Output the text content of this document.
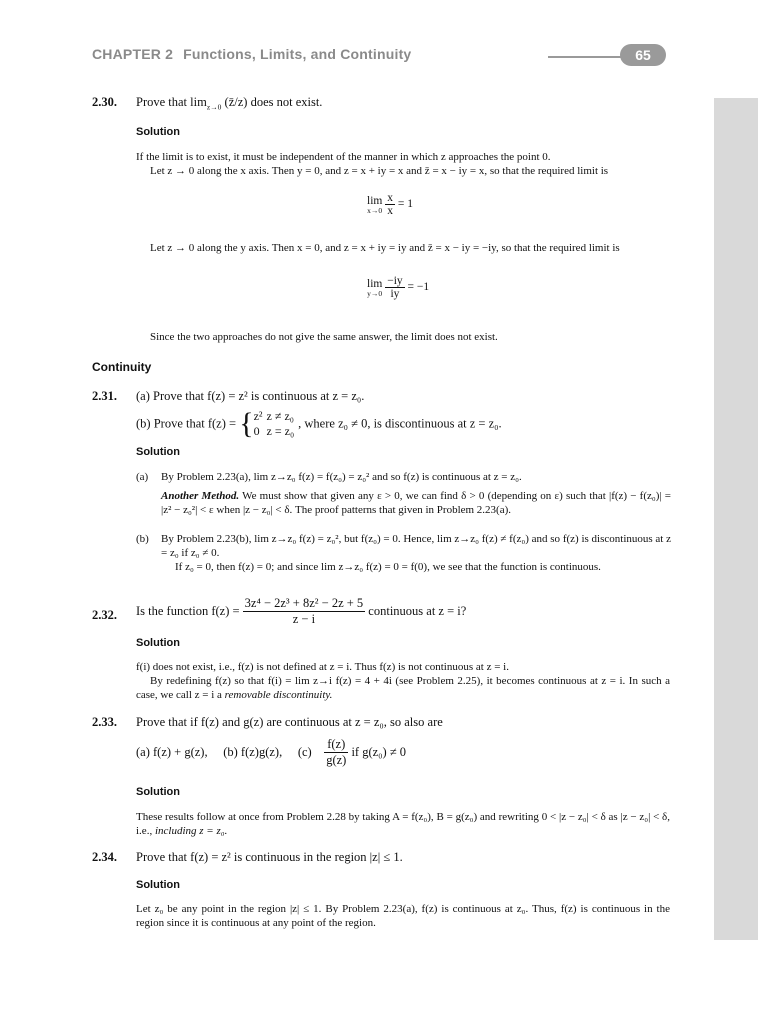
CHAPTER 2 Functions, Limits, and Continuity	65
2.30. Prove that $\lim_{z\to 0}$ (z̄/z) does not exist.
Solution
If the limit is to exist, it must be independent of the manner in which z approaches the point 0.
Let z → 0 along the x axis. Then y = 0, and z = x + iy = x and z̄ = x − iy = x, so that the required limit is
lim
x→0
$\frac{x}{x} = 1$
Let z → 0 along the y axis. Then x = 0, and z = x + iy = iy and z̄ = x − iy = −iy, so that the required limit is
lim
y→0
$\frac{-iy}{iy} = -1$
Since the two approaches do not give the same answer, the limit does not exist.
Continuity
2.31. (a) Prove that f(z) = z² is continuous at z = z₀.
(b) Prove that f(z) = { z²	z ≠ z₀
0	z = z₀, where z₀ ≠ 0, is discontinuous at z = z₀.
Solution
(a) By Problem 2.23(a), lim z→z₀ f(z) = f(z₀) = z₀² and so f(z) is continuous at z = z₀.
Another Method. We must show that given any ε > 0, we can find δ > 0 (depending on ε) such that |f(z) − f(z₀)| = |z² − z₀²| < ε when |z − z₀| < δ. The proof patterns that given in Problem 2.23(a).
(b) By Problem 2.23(b), lim z→z₀ f(z) = z₀², but f(z₀) = 0. Hence, lim z→z₀ f(z) ≠ f(z₀) and so f(z) is discontinuous at z = z₀ if z₀ ≠ 0.
If z₀ = 0, then f(z) = 0; and since lim z→z₀ f(z) = 0 = f(0), we see that the function is continuous.
2.32. Is the function $f(z) = \frac{\text{3z⁴ − 2z³ + 8z² − 2z + 5}}{z - i}$ continuous at z = i?
Solution
f(i) does not exist, i.e., f(z) is not defined at z = i. Thus f(z) is not continuous at z = i.
By redefining f(z) so that f(i) = lim z→i f(z) = 4 + 4i (see Problem 2.25), it becomes continuous at z = i. In such a case, we call z = i a removable discontinuity.
2.33. Prove that if f(z) and g(z) are continuous at z = z₀, so also are
(a) f(z) + g(z), (b) f(z)g(z), $(c) \frac{f(z)}{g(z)}$ if g(z₀) ≠ 0
Solution
These results follow at once from Problem 2.28 by taking A = f(z₀), B = g(z₀) and rewriting 0 < |z − z₀| < δ as |z − z₀| < δ, i.e., including z = z₀.
2.34. Prove that f(z) = z² is continuous in the region |z| ≤ 1.
Solution
Let z₀ be any point in the region |z| ≤ 1. By Problem 2.23(a), f(z) is continuous at z₀. Thus, f(z) is continuous in the region since it is continuous at any point of the region.
